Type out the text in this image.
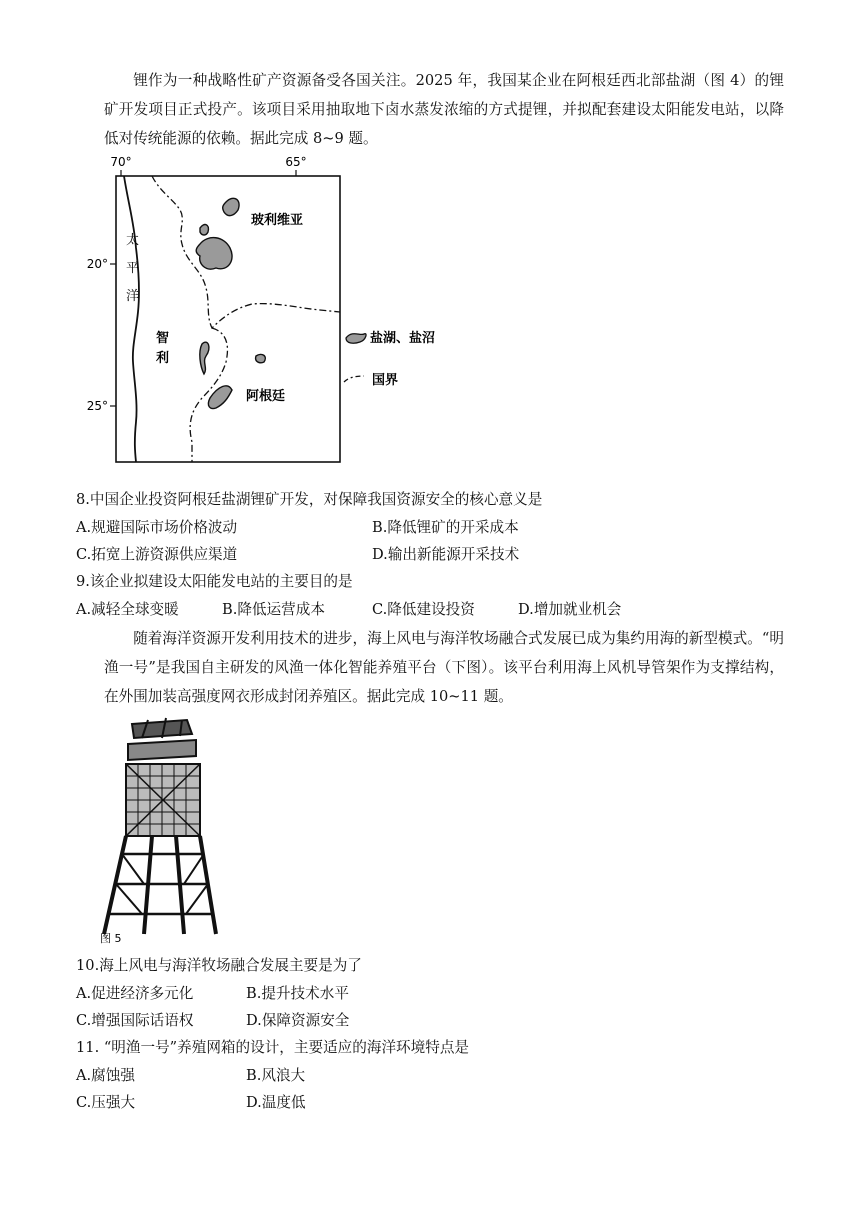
锂作为一种战略性矿产资源备受各国关注。2025 年，我国某企业在阿根廷西北部盐湖（图 4）的锂矿开发项目正式投产。该项目采用抽取地下卤水蒸发浓缩的方式提锂，并拟配套建设太阳能发电站，以降低对传统能源的依赖。据此完成 8~9 题。

70°	65°
20°
25°
太
平
洋
玻利维亚
智
利
阿根廷
盐湖、盐沼
国界

8.中国企业投资阿根廷盐湖锂矿开发，对保障我国资源安全的核心意义是

A.规避国际市场价格波动	B.降低锂矿的开采成本
C.拓宽上游资源供应渠道	D.输出新能源开采技术

9.该企业拟建设太阳能发电站的主要目的是

A.减轻全球变暖	B.降低运营成本	C.降低建设投资	D.增加就业机会

随着海洋资源开发利用技术的进步，海上风电与海洋牧场融合式发展已成为集约用海的新型模式。“明渔一号”是我国自主研发的风渔一体化智能养殖平台（下图）。该平台利用海上风机导管架作为支撑结构，在外围加装高强度网衣形成封闭养殖区。据此完成 10~11 题。

图 5

10.海上风电与海洋牧场融合发展主要是为了

A.促进经济多元化	B.提升技术水平
C.增强国际话语权	D.保障资源安全

11. “明渔一号”养殖网箱的设计，主要适应的海洋环境特点是

A.腐蚀强	B.风浪大
C.压强大	D.温度低
